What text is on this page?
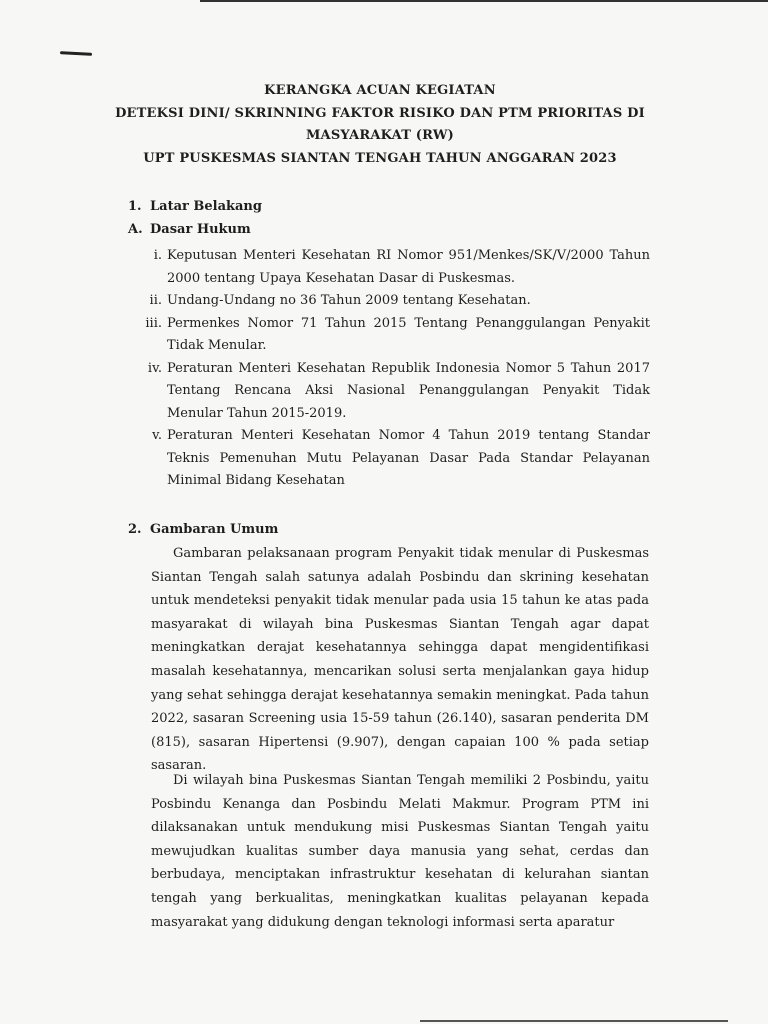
KERANGKA ACUAN KEGIATAN
DETEKSI DINI/ SKRINNING FAKTOR RISIKO DAN PTM PRIORITAS DI
MASYARAKAT (RW)
UPT PUSKESMAS SIANTAN TENGAH TAHUN ANGGARAN 2023
1. Latar Belakang
A. Dasar Hukum
i. Keputusan Menteri Kesehatan RI Nomor 951/Menkes/SK/V/2000 Tahun 2000 tentang Upaya Kesehatan Dasar di Puskesmas.
ii. Undang-Undang no 36 Tahun 2009 tentang Kesehatan.
iii. Permenkes Nomor 71 Tahun 2015 Tentang Penanggulangan Penyakit Tidak Menular.
iv. Peraturan Menteri Kesehatan Republik Indonesia Nomor 5 Tahun 2017 Tentang Rencana Aksi Nasional Penanggulangan Penyakit Tidak Menular Tahun 2015-2019.
v. Peraturan Menteri Kesehatan Nomor 4 Tahun 2019 tentang Standar Teknis Pemenuhan Mutu Pelayanan Dasar Pada Standar Pelayanan Minimal Bidang Kesehatan
2. Gambaran Umum
Gambaran pelaksanaan program Penyakit tidak menular di Puskesmas Siantan Tengah salah satunya adalah Posbindu dan skrining kesehatan untuk mendeteksi penyakit tidak menular pada usia 15 tahun ke atas pada masyarakat di wilayah bina Puskesmas Siantan Tengah agar dapat meningkatkan derajat kesehatannya sehingga dapat mengidentifikasi masalah kesehatannya, mencarikan solusi serta menjalankan gaya hidup yang sehat sehingga derajat kesehatannya semakin meningkat. Pada tahun 2022, sasaran Screening usia 15-59 tahun (26.140), sasaran penderita DM (815), sasaran Hipertensi (9.907), dengan capaian 100 % pada setiap sasaran.
Di wilayah bina Puskesmas Siantan Tengah memiliki 2 Posbindu, yaitu Posbindu Kenanga dan Posbindu Melati Makmur. Program PTM ini dilaksanakan untuk mendukung misi Puskesmas Siantan Tengah yaitu mewujudkan kualitas sumber daya manusia yang sehat, cerdas dan berbudaya, menciptakan infrastruktur kesehatan di kelurahan siantan tengah yang berkualitas, meningkatkan kualitas pelayanan kepada masyarakat yang didukung dengan teknologi informasi serta aparatur
